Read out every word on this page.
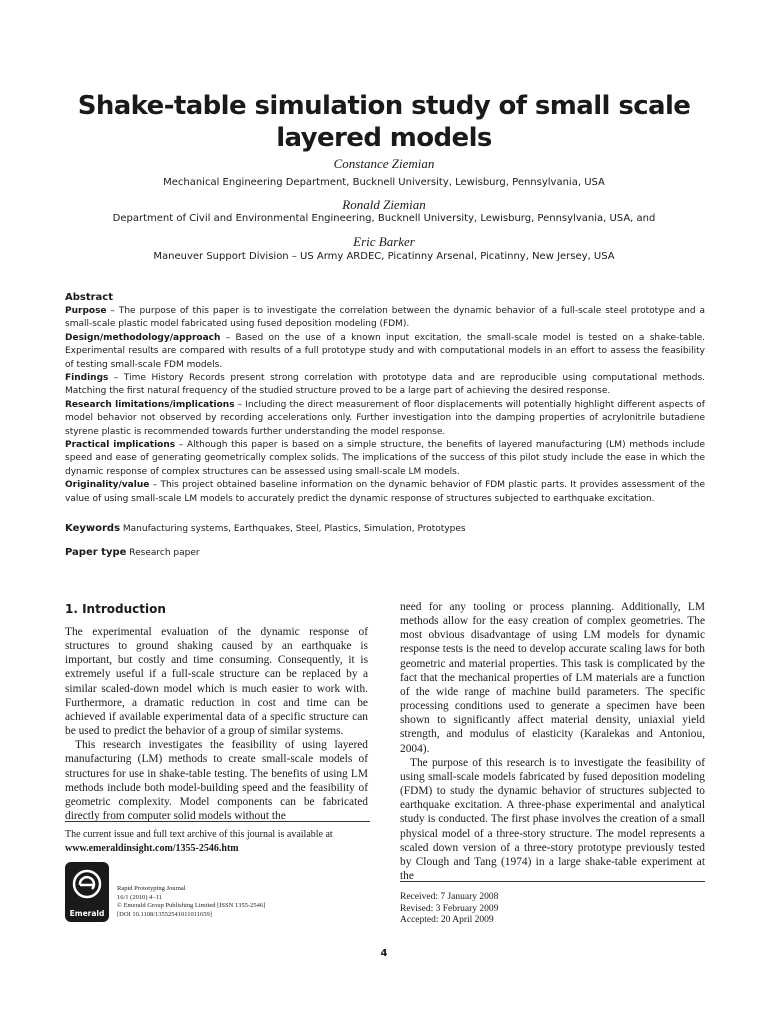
Shake-table simulation study of small scale
layered models
Constance Ziemian
Mechanical Engineering Department, Bucknell University, Lewisburg, Pennsylvania, USA
Ronald Ziemian
Department of Civil and Environmental Engineering, Bucknell University, Lewisburg, Pennsylvania, USA, and
Eric Barker
Maneuver Support Division – US Army ARDEC, Picatinny Arsenal, Picatinny, New Jersey, USA
Abstract

Purpose – The purpose of this paper is to investigate the correlation between the dynamic behavior of a full-scale steel prototype and a small-scale plastic model fabricated using fused deposition modeling (FDM).

Design/methodology/approach – Based on the use of a known input excitation, the small-scale model is tested on a shake-table. Experimental results are compared with results of a full prototype study and with computational models in an effort to assess the feasibility of testing small-scale FDM models.

Findings – Time History Records present strong correlation with prototype data and are reproducible using computational methods. Matching the first natural frequency of the studied structure proved to be a large part of achieving the desired response.

Research limitations/implications – Including the direct measurement of floor displacements will potentially highlight different aspects of model behavior not observed by recording accelerations only. Further investigation into the damping properties of acrylonitrile butadiene styrene plastic is recommended towards further understanding the model response.

Practical implications – Although this paper is based on a simple structure, the benefits of layered manufacturing (LM) methods include speed and ease of generating geometrically complex solids. The implications of the success of this pilot study include the ease in which the dynamic response of complex structures can be assessed using small-scale LM models.

Originality/value – This project obtained baseline information on the dynamic behavior of FDM plastic parts. It provides assessment of the value of using small-scale LM models to accurately predict the dynamic response of structures subjected to earthquake excitation.

Keywords Manufacturing systems, Earthquakes, Steel, Plastics, Simulation, Prototypes
Paper type Research paper
1. Introduction

The experimental evaluation of the dynamic response of structures to ground shaking caused by an earthquake is important, but costly and time consuming. Consequently, it is extremely useful if a full-scale structure can be replaced by a similar scaled-down model which is much easier to work with. Furthermore, a dramatic reduction in cost and time can be achieved if available experimental data of a specific structure can be used to predict the behavior of a group of similar systems.

This research investigates the feasibility of using layered manufacturing (LM) methods to create small-scale models of structures for use in shake-table testing. The benefits of using LM methods include both model-building speed and the feasibility of geometric complexity. Model components can be fabricated directly from computer solid models without the

need for any tooling or process planning. Additionally, LM methods allow for the easy creation of complex geometries. The most obvious disadvantage of using LM models for dynamic response tests is the need to develop accurate scaling laws for both geometric and material properties. This task is complicated by the fact that the mechanical properties of LM materials are a function of the wide range of machine build parameters. The specific processing conditions used to generate a specimen have been shown to significantly affect material density, uniaxial yield strength, and modulus of elasticity (Karalekas and Antoniou, 2004).

The purpose of this research is to investigate the feasibility of using small-scale models fabricated by fused deposition modeling (FDM) to study the dynamic behavior of structures subjected to earthquake excitation. A three-phase experimental and analytical study is conducted. The first phase involves the creation of a small physical model of a three-story structure. The model represents a scaled down version of a three-story prototype previously tested by Clough and Tang (1974) in a large shake-table experiment at the

The current issue and full text archive of this journal is available at
www.emeraldinsight.com/1355-2546.htm
Emerald
Rapid Prototyping Journal
16/1 (2010) 4–11
© Emerald Group Publishing Limited [ISSN 1355-2546]
[DOI 10.1108/13552541011011659]
Received: 7 January 2008
Revised: 3 February 2009
Accepted: 20 April 2009
4
